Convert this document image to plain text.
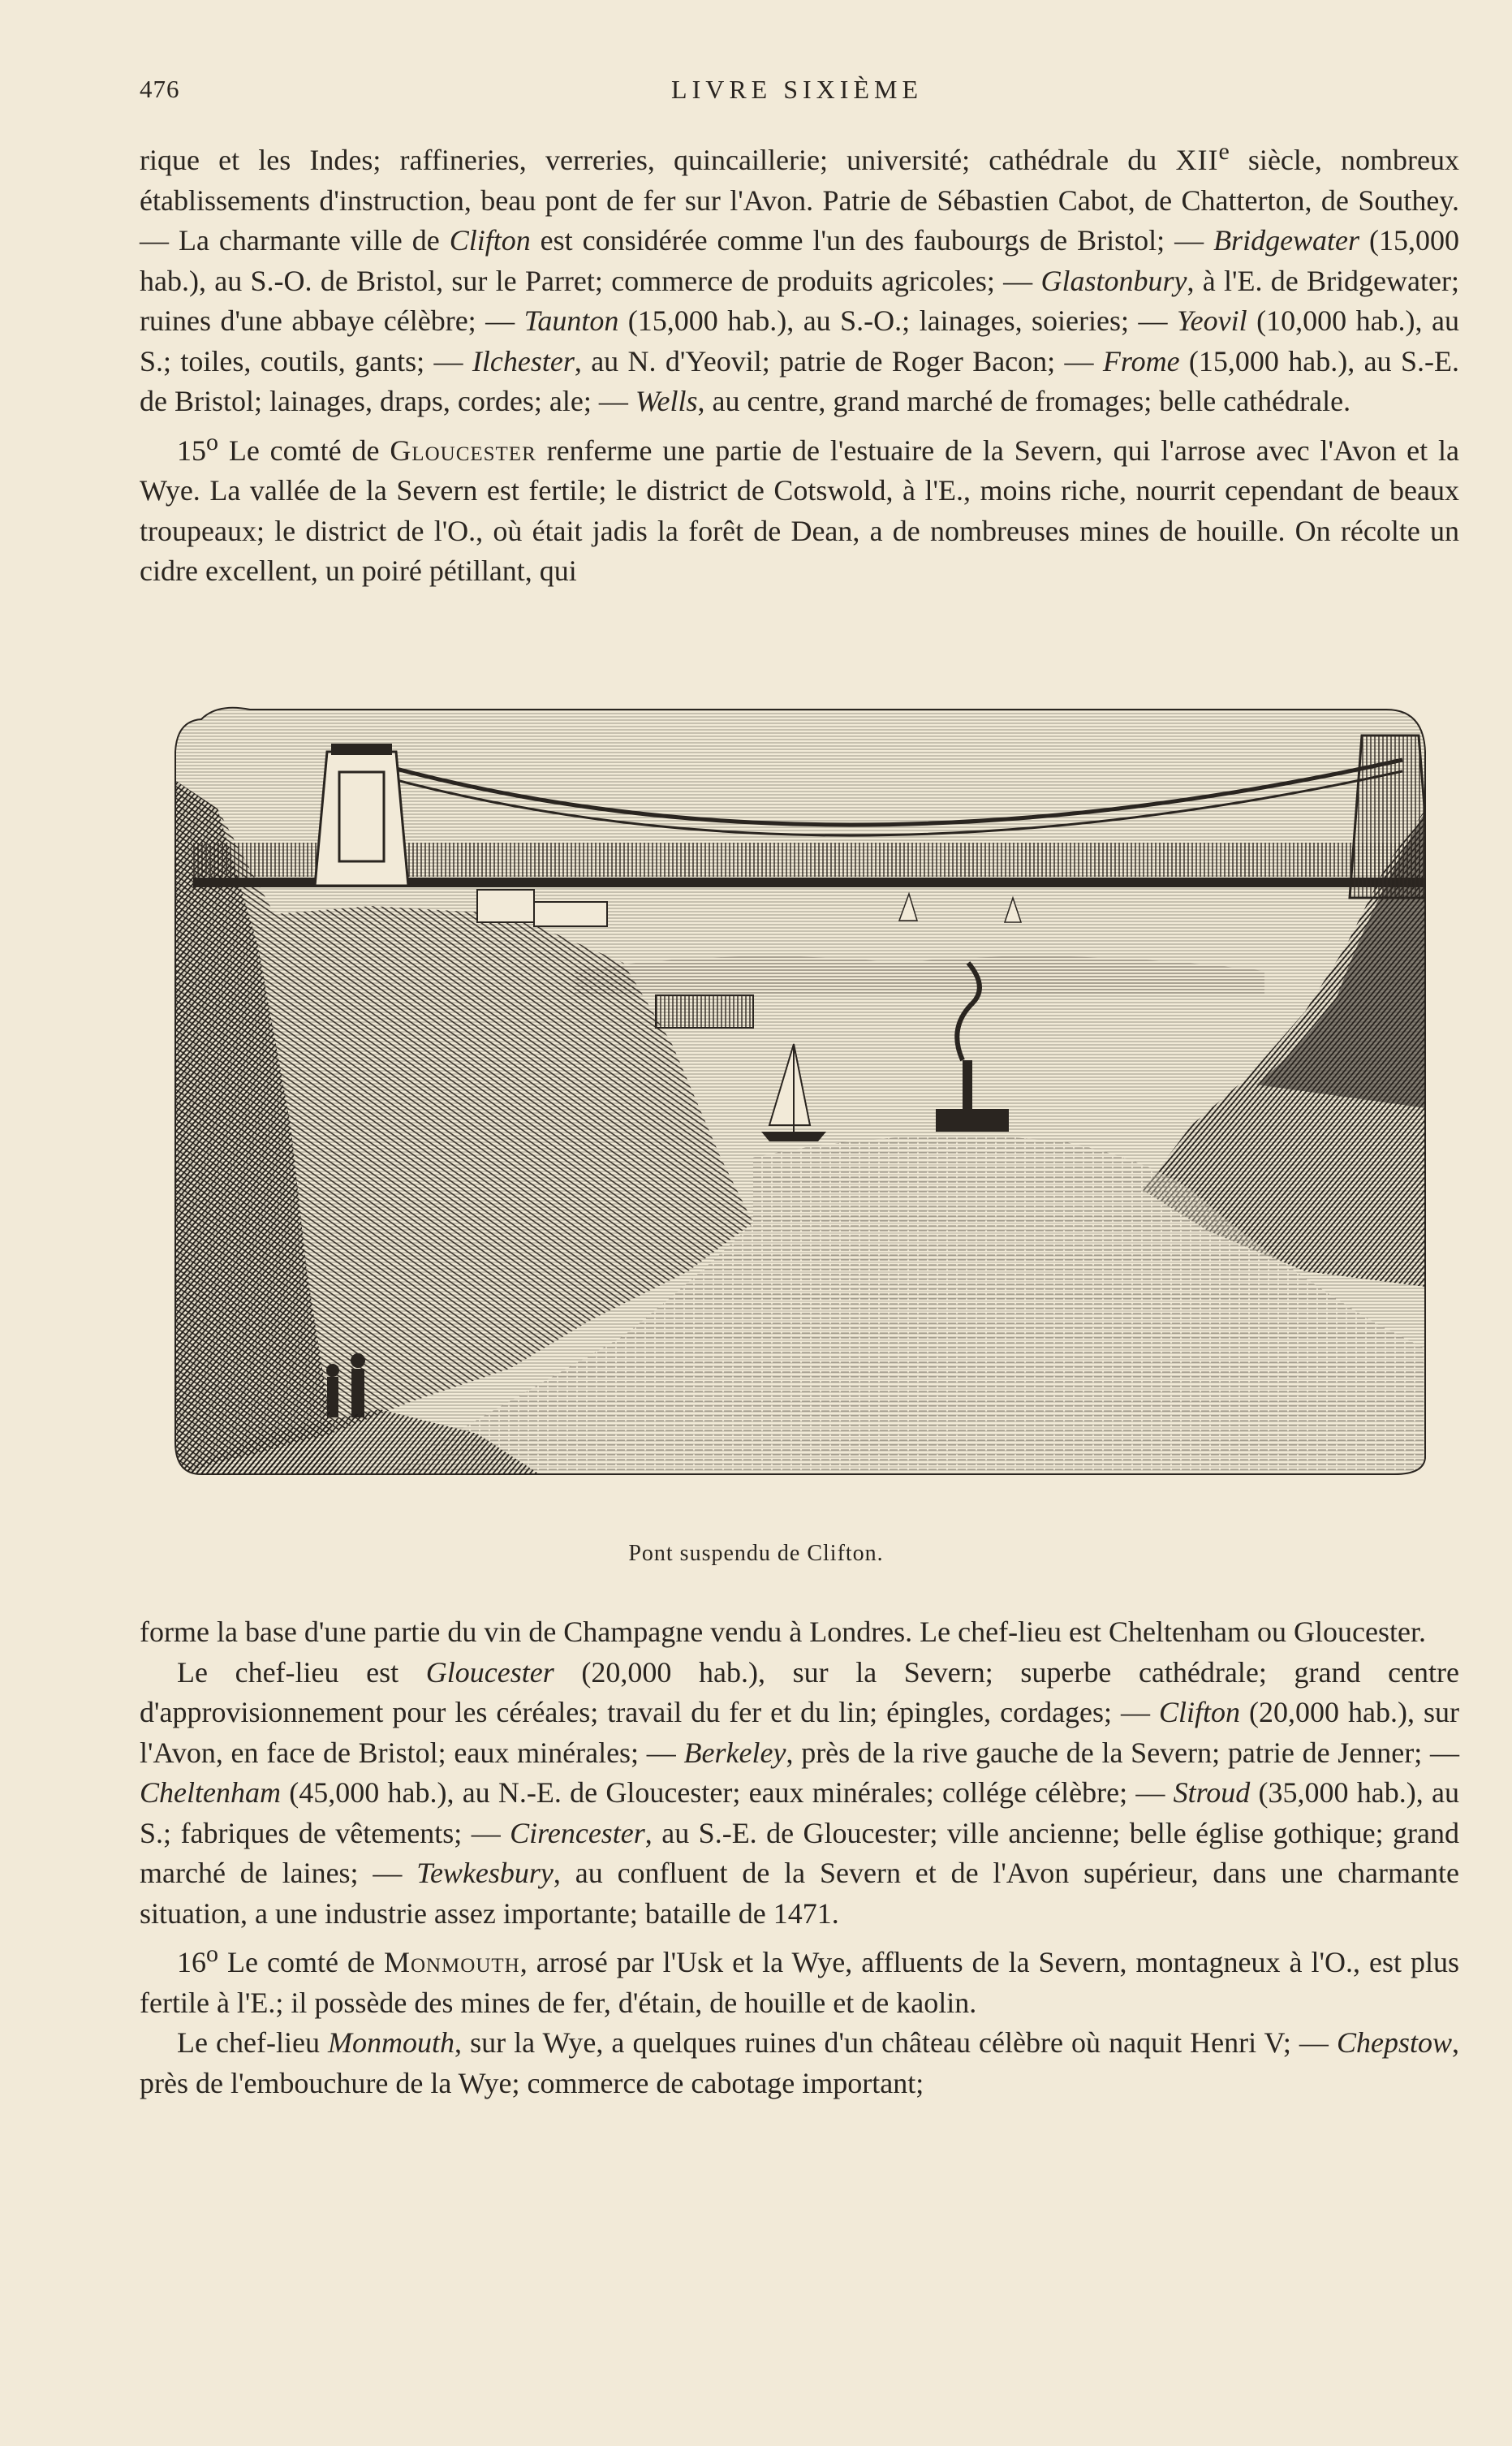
476	LIVRE SIXIÈME

rique et les Indes; raffineries, verreries, quincaillerie; université; cathédrale du XIIe siècle, nombreux établissements d'instruction, beau pont de fer sur l'Avon. Patrie de Sébastien Cabot, de Chatterton, de Southey. — La charmante ville de Clifton est considérée comme l'un des faubourgs de Bristol; — Bridgewater (15,000 hab.), au S.-O. de Bristol, sur le Parret; commerce de produits agricoles; — Glastonbury, à l'E. de Bridgewater; ruines d'une abbaye célèbre; — Taunton (15,000 hab.), au S.-O.; lainages, soieries; — Yeovil (10,000 hab.), au S.; toiles, coutils, gants; — Ilchester, au N. d'Yeovil; patrie de Roger Bacon; — Frome (15,000 hab.), au S.-E. de Bristol; lainages, draps, cordes; ale; — Wells, au centre, grand marché de fromages; belle cathédrale.

15$^o$ Le comté de Gloucester renferme une partie de l'estuaire de la Severn, qui l'arrose avec l'Avon et la Wye. La vallée de la Severn est fertile; le district de Cotswold, à l'E., moins riche, nourrit cependant de beaux troupeaux; le district de l'O., où était jadis la forêt de Dean, a de nombreuses mines de houille. On récolte un cidre excellent, un poiré pétillant, qui

Pont suspendu de Clifton.

forme la base d'une partie du vin de Champagne vendu à Londres. Le chef-lieu est Cheltenham ou Gloucester.

Le chef-lieu est Gloucester (20,000 hab.), sur la Severn; superbe cathédrale; grand centre d'approvisionnement pour les céréales; travail du fer et du lin; épingles, cordages; — Clifton (20,000 hab.), sur l'Avon, en face de Bristol; eaux minérales; — Berkeley, près de la rive gauche de la Severn; patrie de Jenner; — Cheltenham (45,000 hab.), au N.-E. de Gloucester; eaux minérales; collége célèbre; — Stroud (35,000 hab.), au S.; fabriques de vêtements; — Cirencester, au S.-E. de Gloucester; ville ancienne; belle église gothique; grand marché de laines; — Tewkesbury, au confluent de la Severn et de l'Avon supérieur, dans une charmante situation, a une industrie assez importante; bataille de 1471.

16$^o$ Le comté de Monmouth, arrosé par l'Usk et la Wye, affluents de la Severn, montagneux à l'O., est plus fertile à l'E.; il possède des mines de fer, d'étain, de houille et de kaolin.

Le chef-lieu Monmouth, sur la Wye, a quelques ruines d'un château célèbre où naquit Henri V; — Chepstow, près de l'embouchure de la Wye; commerce de cabotage important;
